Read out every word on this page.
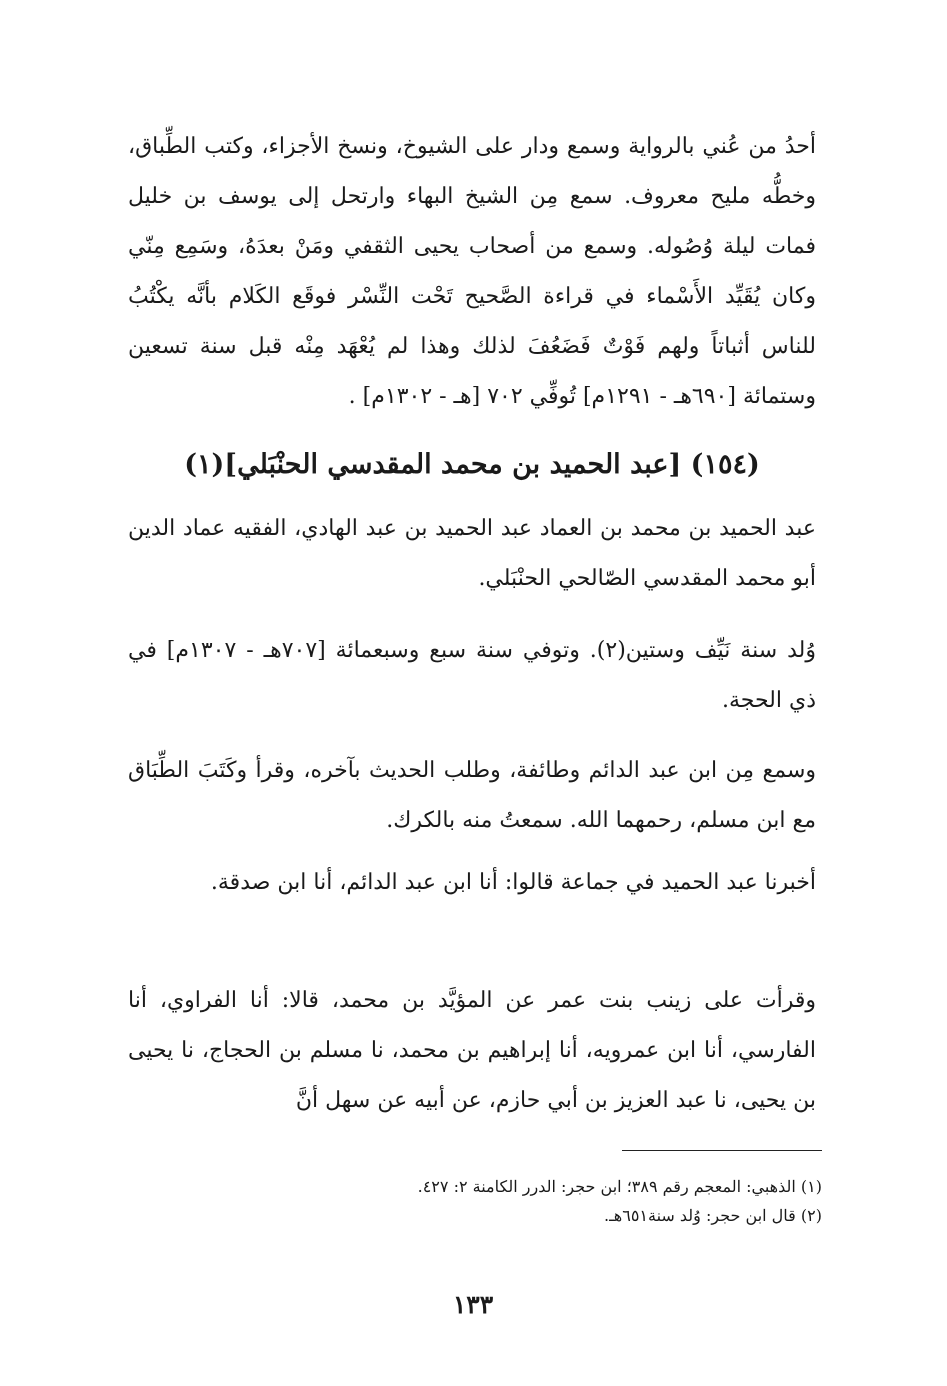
أحدُ من عُني بالرواية وسمع ودار على الشيوخ، ونسخ الأجزاء، وكتب الطِّباق، وخطُّه مليح معروف. سمع مِن الشيخ البهاء وارتحل إلى يوسف بن خليل فمات ليلة وُصُوله. وسمع من أصحاب يحيى الثقفي ومَنْ بعدَهُ، وسَمِع مِنّي وكان يُقَيِّد الأَسْماء في قراءة الصَّحيح تَحْت النِّسْر فوقَع الكَلام بأنَّه يكْتُبُ للناس أثباتاً ولهم فَوْتٌ فَضَعُفَ لذلك وهذا لم يُعْهَد مِنْه قبل سنة تسعين وستمائة [٦٩٠هـ - ١٢٩١م] تُوفِّي ٧٠٢ [هـ - ١٣٠٢م] .

(١٥٤) [عبد الحميد بن محمد المقدسي الحنْبَلي](١)

عبد الحميد بن محمد بن العماد عبد الحميد بن عبد الهادي، الفقيه عماد الدين أبو محمد المقدسي الصّالحي الحنْبَلي.

وُلد سنة نَيِّف وستين(٢). وتوفي سنة سبع وسبعمائة [٧٠٧هـ - ١٣٠٧م] في ذي الحجة.

وسمع مِن ابن عبد الدائم وطائفة، وطلب الحديث بآخره، وقرأ وكَتَبَ الطِّبَاق مع ابن مسلم، رحمهما الله. سمعتُ منه بالكرك.

أخبرنا عبد الحميد في جماعة قالوا: أنا ابن عبد الدائم، أنا ابن صدقة.

وقرأت على زينب بنت عمر عن المؤيَّد بن محمد، قالا: أنا الفراوي، أنا الفارسي، أنا ابن عمرويه، أنا إبراهيم بن محمد، نا مسلم بن الحجاج، نا يحيى بن يحيى، نا عبد العزيز بن أبي حازم، عن أبيه عن سهل أنَّ

(١) الذهبي: المعجم رقم ٣٨٩؛ ابن حجر: الدرر الكامنة ٢: ٤٢٧.

(٢) قال ابن حجر: وُلد سنة٦٥١هـ.

١٣٣
